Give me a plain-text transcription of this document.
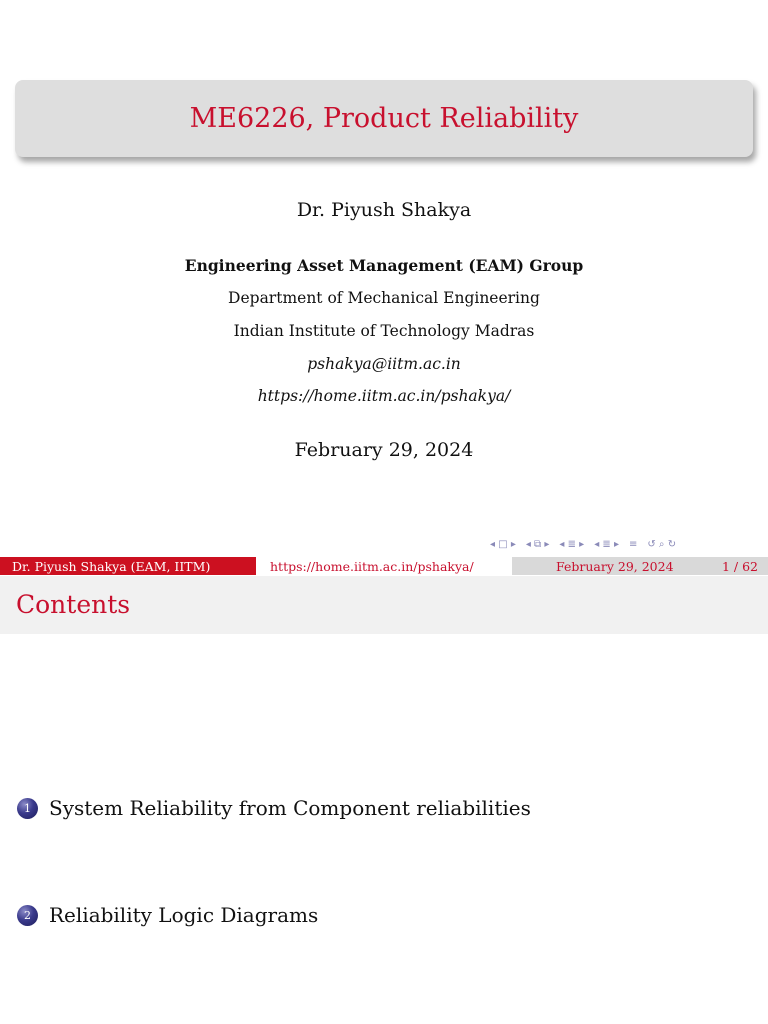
ME6226, Product Reliability
Dr. Piyush Shakya
Engineering Asset Management (EAM) Group
Department of Mechanical Engineering
Indian Institute of Technology Madras
pshakya@iitm.ac.in
https://home.iitm.ac.in/pshakya/
February 29, 2024
◂ □ ▸ ◂ ⧉ ▸ ◂ ≣ ▸ ◂ ≣ ▸ ≡ ↺ ⌕ ↻
Dr. Piyush Shakya (EAM, IITM)	https://home.iitm.ac.in/pshakya/	February 29, 2024	1 / 62
Contents
1 System Reliability from Component reliabilities
2 Reliability Logic Diagrams
